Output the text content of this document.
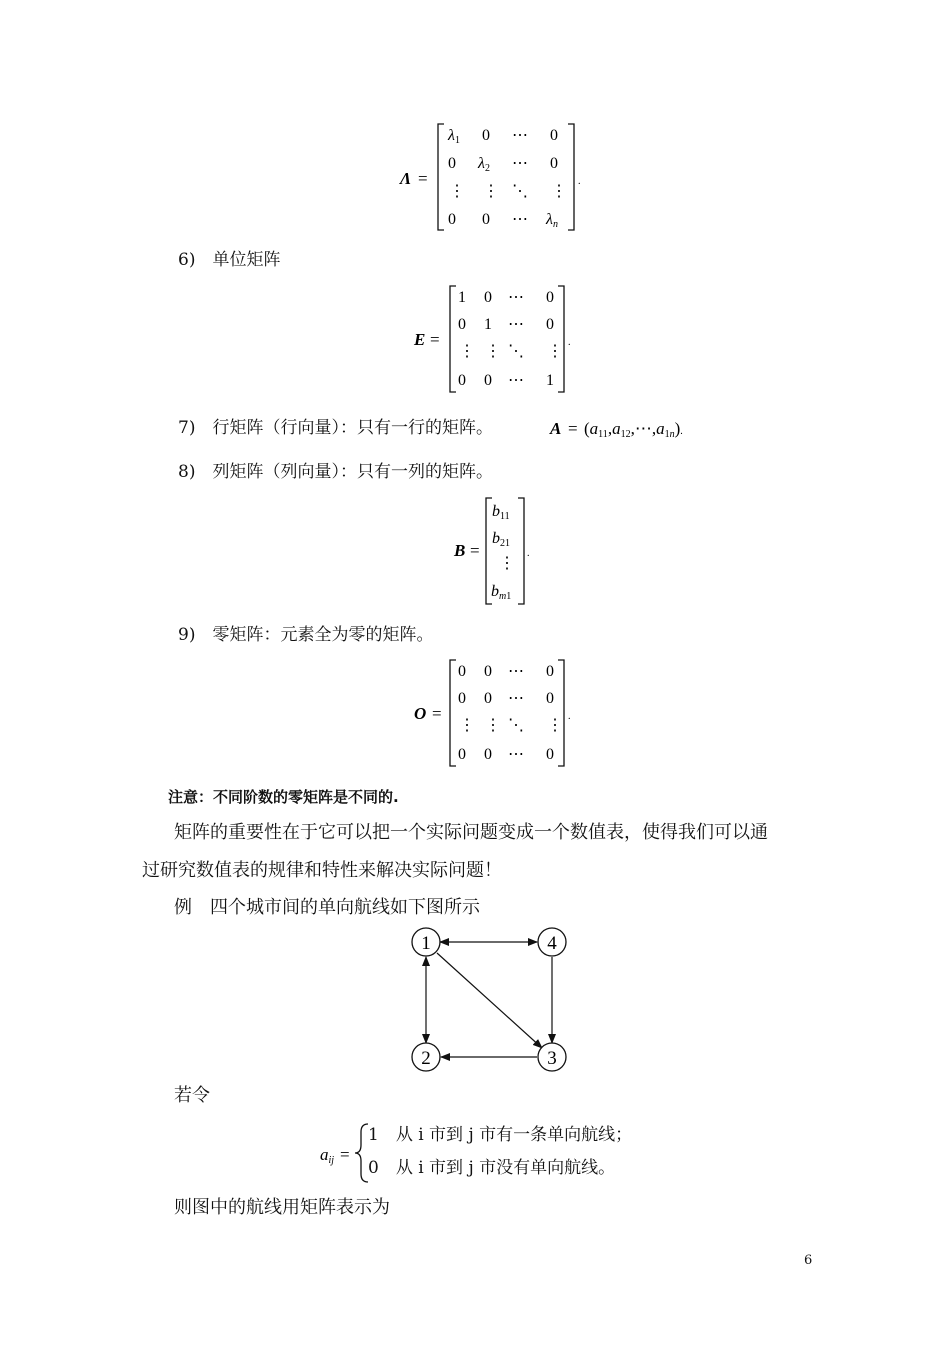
Λ =
λ1 0 ⋯ 0
0 λ2 ⋯ 0
⋮ ⋮ ⋱ ⋮
0 0 ⋯ λn
.
6)　单位矩阵
E =
1 0 ⋯ 0
0 1 ⋯ 0
⋮ ⋮ ⋱ ⋮
0 0 ⋯ 1
.
7)　行矩阵（行向量）：只有一行的矩阵。	A = (a11,a12,⋯,a1n).
8)　列矩阵（列向量）：只有一列的矩阵。
B =
b11
b21
⋮
bm1
.
9)　零矩阵：元素全为零的矩阵。
O =
0 0 ⋯ 0
0 0 ⋯ 0
⋮ ⋮ ⋱ ⋮
0 0 ⋯ 0
.
注意：不同阶数的零矩阵是不同的.
矩阵的重要性在于它可以把一个实际问题变成一个数值表，使得我们可以通
过研究数值表的规律和特性来解决实际问题！
例　四个城市间的单向航线如下图所示
1	4
2	3
若令
aij =
1　从 i 市到 j 市有一条单向航线；
0　从 i 市到 j 市没有单向航线。
则图中的航线用矩阵表示为
6
